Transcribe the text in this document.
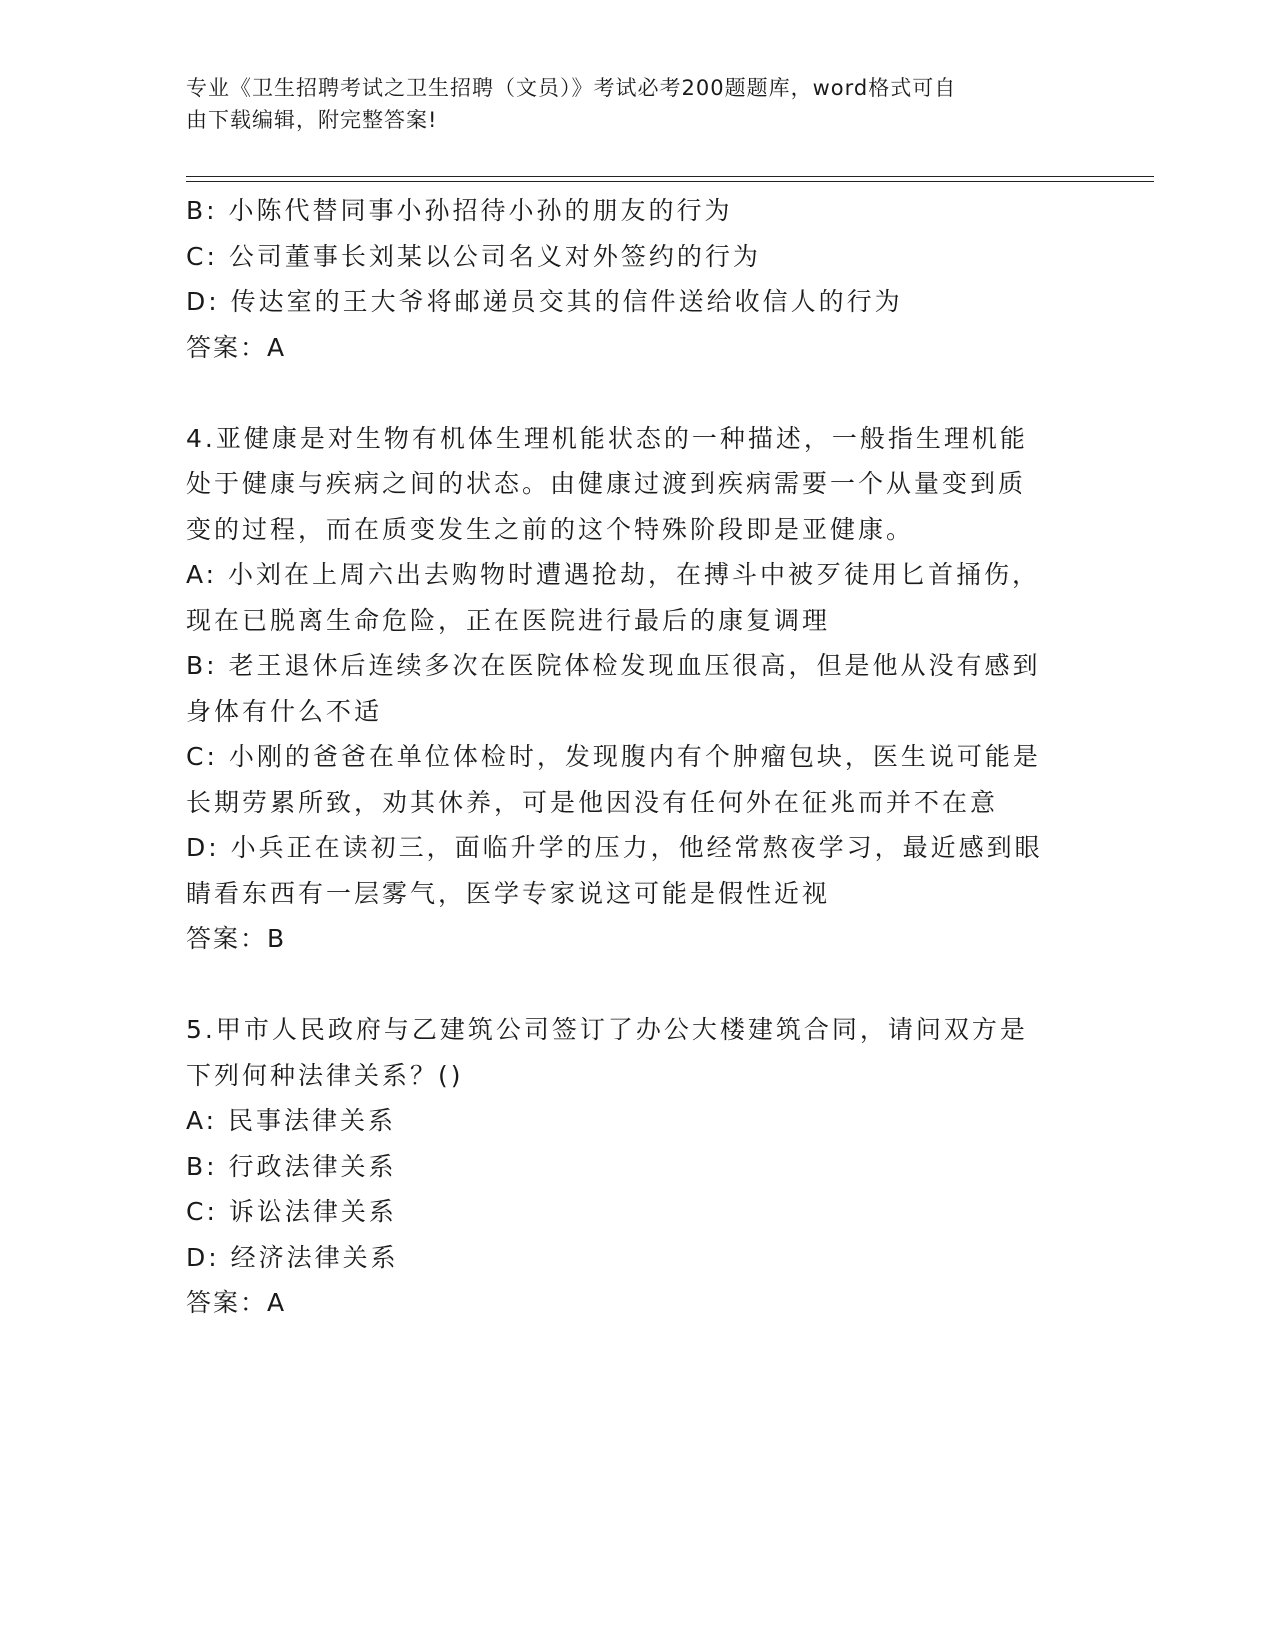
专业《卫生招聘考试之卫生招聘（文员）》考试必考200题题库，word格式可自
由下载编辑，附完整答案!

B: 小陈代替同事小孙招待小孙的朋友的行为

C: 公司董事长刘某以公司名义对外签约的行为

D: 传达室的王大爷将邮递员交其的信件送给收信人的行为

答案：A

4.亚健康是对生物有机体生理机能状态的一种描述，一般指生理机能

处于健康与疾病之间的状态。由健康过渡到疾病需要一个从量变到质

变的过程，而在质变发生之前的这个特殊阶段即是亚健康。

A: 小刘在上周六出去购物时遭遇抢劫，在搏斗中被歹徒用匕首捅伤，

现在已脱离生命危险，正在医院进行最后的康复调理

B: 老王退休后连续多次在医院体检发现血压很高，但是他从没有感到

身体有什么不适

C: 小刚的爸爸在单位体检时，发现腹内有个肿瘤包块，医生说可能是

长期劳累所致，劝其休养，可是他因没有任何外在征兆而并不在意

D: 小兵正在读初三，面临升学的压力，他经常熬夜学习，最近感到眼

睛看东西有一层雾气，医学专家说这可能是假性近视

答案：B

5.甲市人民政府与乙建筑公司签订了办公大楼建筑合同，请问双方是

下列何种法律关系？()

A: 民事法律关系

B: 行政法律关系

C: 诉讼法律关系

D: 经济法律关系

答案：A
